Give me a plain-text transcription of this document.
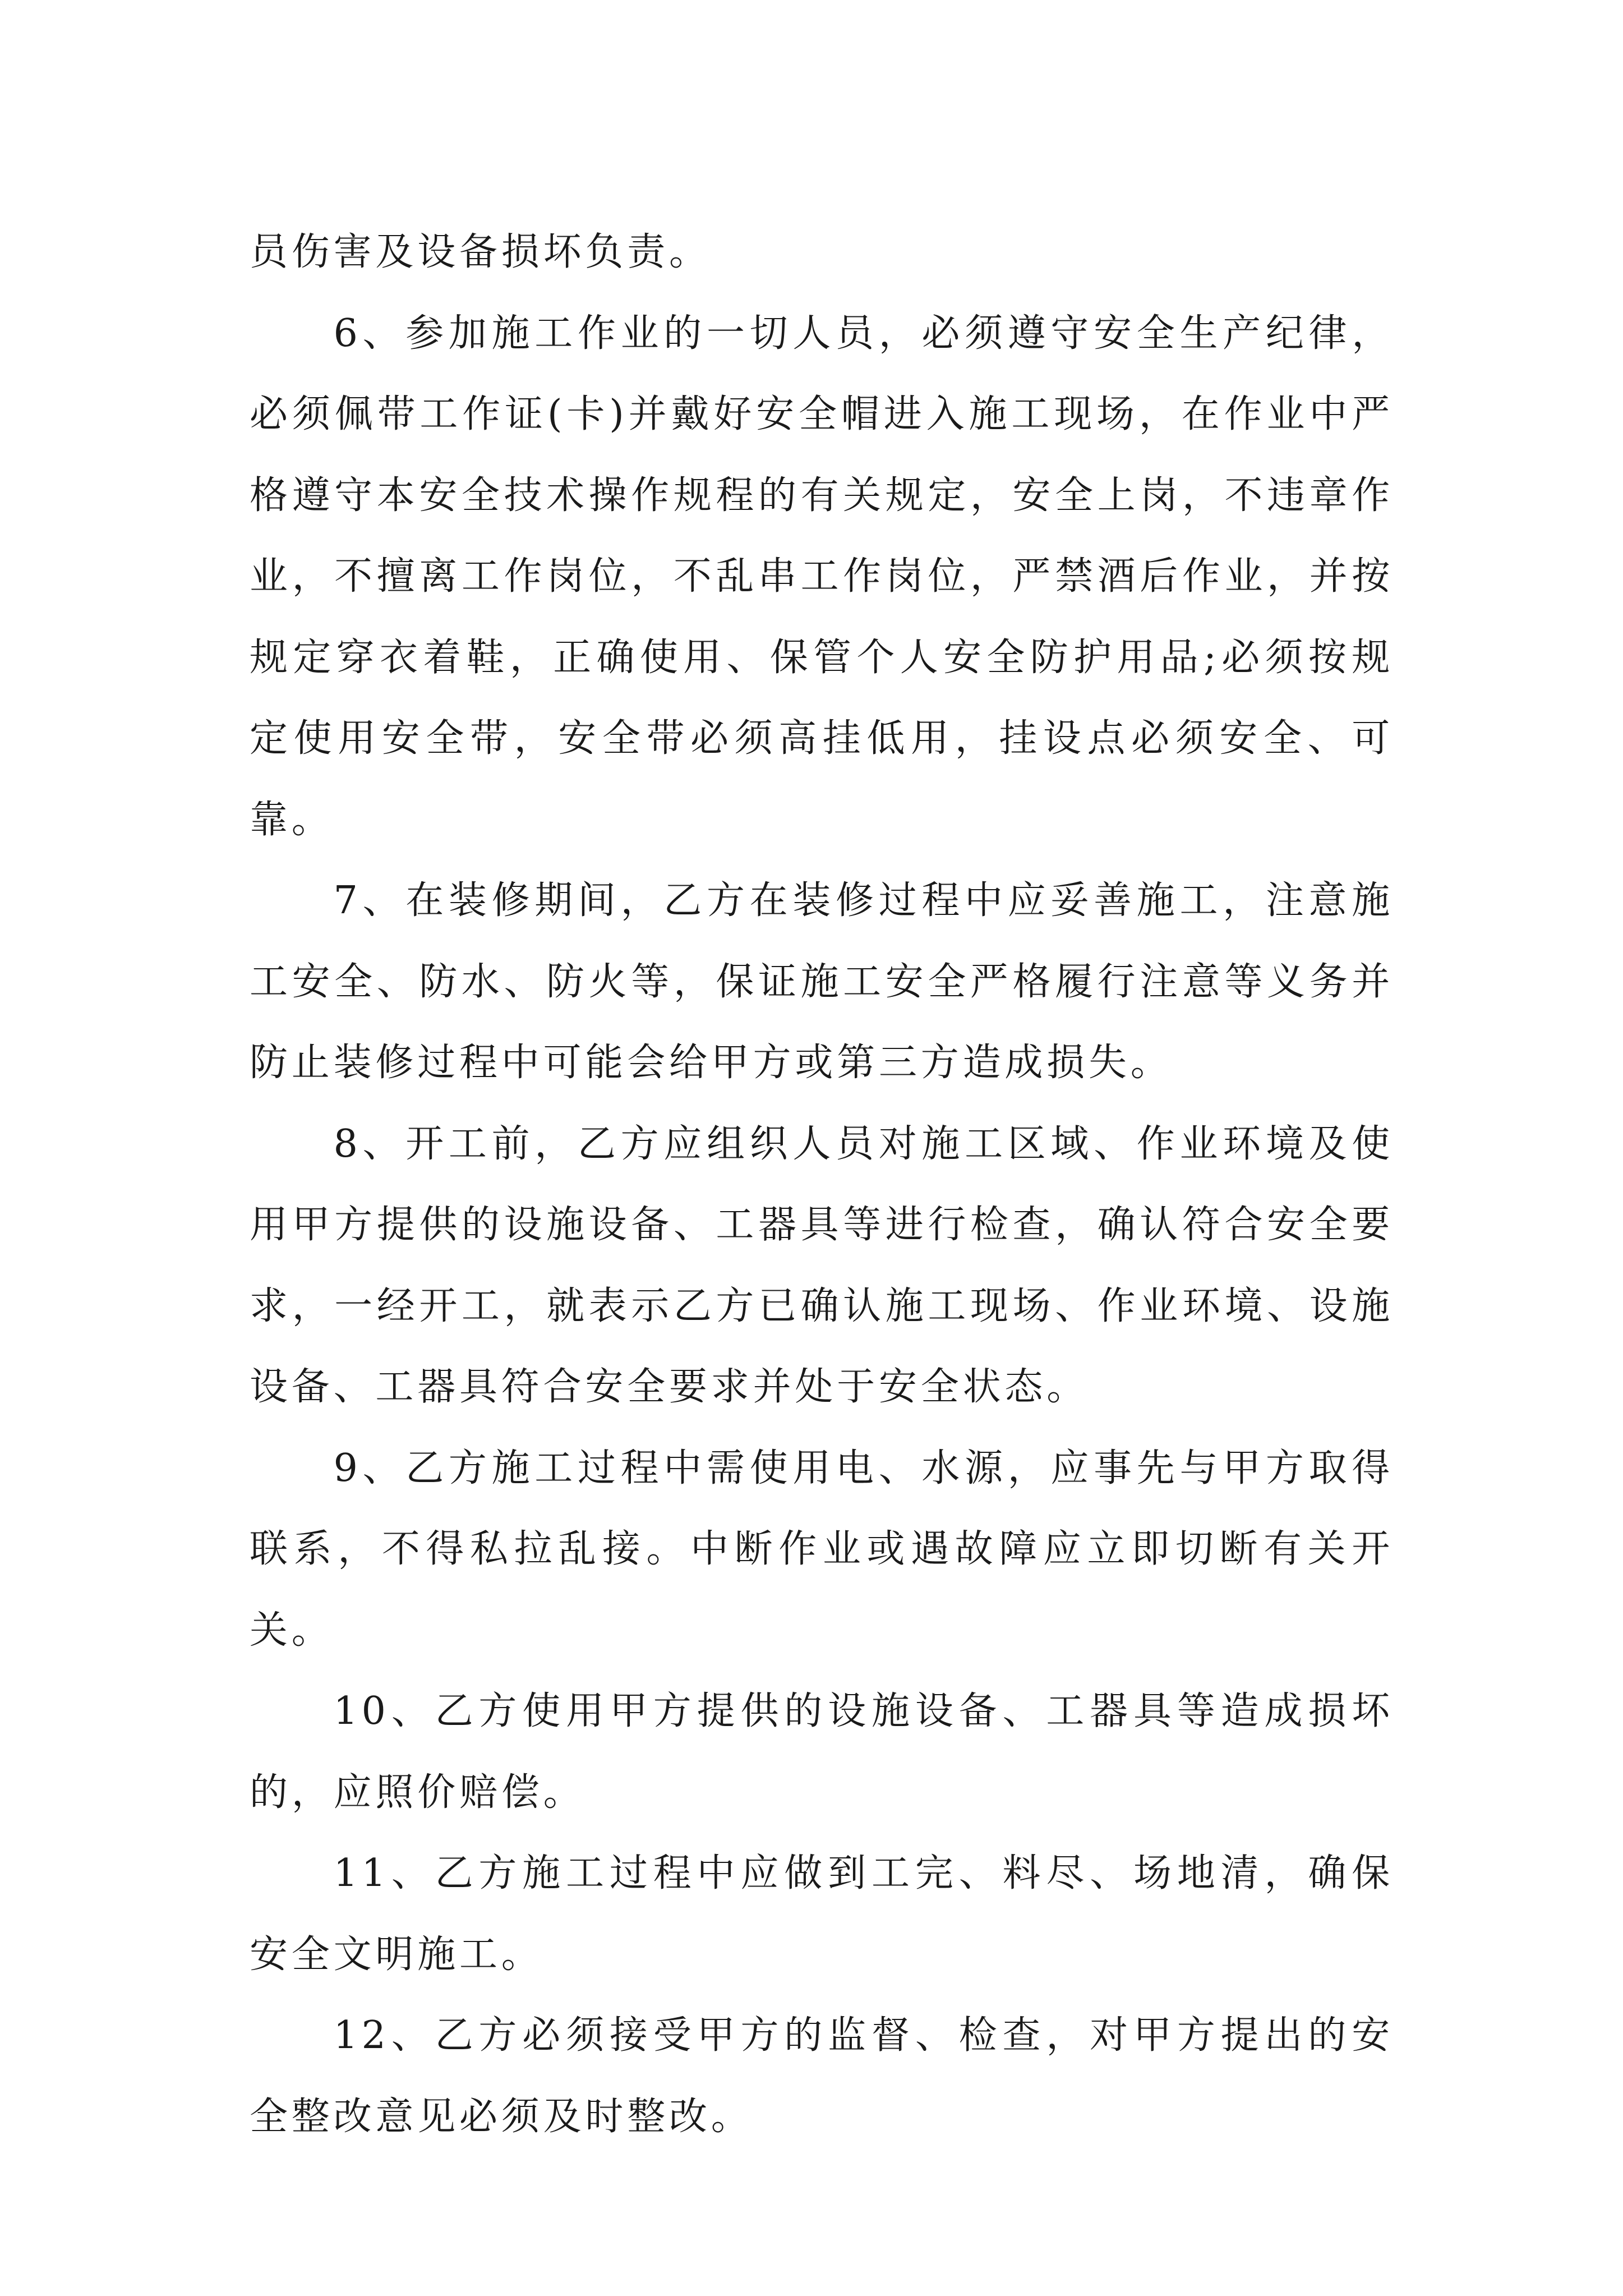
员伤害及设备损坏负责。

6、参加施工作业的一切人员，必须遵守安全生产纪律，必须佩带工作证(卡)并戴好安全帽进入施工现场，在作业中严格遵守本安全技术操作规程的有关规定，安全上岗，不违章作业，不擅离工作岗位，不乱串工作岗位，严禁酒后作业，并按规定穿衣着鞋，正确使用、保管个人安全防护用品;必须按规定使用安全带，安全带必须高挂低用，挂设点必须安全、可靠。

7、在装修期间，乙方在装修过程中应妥善施工，注意施工安全、防水、防火等，保证施工安全严格履行注意等义务并防止装修过程中可能会给甲方或第三方造成损失。

8、开工前，乙方应组织人员对施工区域、作业环境及使用甲方提供的设施设备、工器具等进行检查，确认符合安全要求，一经开工，就表示乙方已确认施工现场、作业环境、设施设备、工器具符合安全要求并处于安全状态。

9、乙方施工过程中需使用电、水源，应事先与甲方取得联系，不得私拉乱接。中断作业或遇故障应立即切断有关开关。

10、乙方使用甲方提供的设施设备、工器具等造成损坏的，应照价赔偿。

11、乙方施工过程中应做到工完、料尽、场地清，确保安全文明施工。

12、乙方必须接受甲方的监督、检查，对甲方提出的安全整改意见必须及时整改。
